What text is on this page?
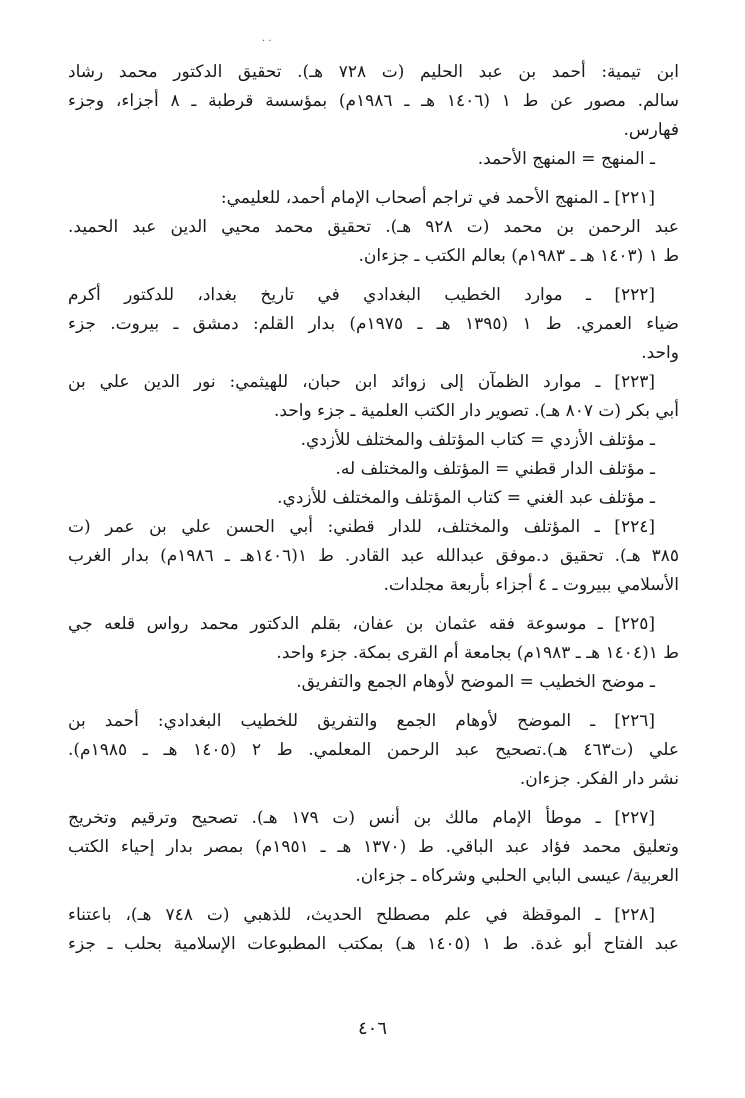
· ·
ابن تيمية: أحمد بن عبد الحليم (ت ٧٢٨ هـ). تحقيق الدكتور محمد رشاد
سالم. مصور عن ط ١ (١٤٠٦ هـ ـ ١٩٨٦م) بمؤسسة قرطبة ـ ٨ أجزاء، وجزء
فهارس.
ـ المنهج = المنهج الأحمد.
[٢٢١] ـ المنهج الأحمد في تراجم أصحاب الإمام أحمد، للعليمي:
عبد الرحمن بن محمد (ت ٩٢٨ هـ). تحقيق محمد محيي الدين عبد الحميد.
ط ١ (١٤٠٣ هـ ـ ١٩٨٣م) بعالم الكتب ـ جزءان.
[٢٢٢] ـ موارد الخطيب البغدادي في تاريخ بغداد، للدكتور أكرم
ضياء العمري. ط ١ (١٣٩٥ هـ ـ ١٩٧٥م) بدار القلم: دمشق ـ بيروت. جزء
واحد.
[٢٢٣] ـ موارد الظمآن إلى زوائد ابن حبان، للهيثمي: نور الدين علي بن
أبي بكر (ت ٨٠٧ هـ). تصوير دار الكتب العلمية ـ جزء واحد.
ـ مؤتلف الأزدي = كتاب المؤتلف والمختلف للأزدي.
ـ مؤتلف الدار قطني = المؤتلف والمختلف له.
ـ مؤتلف عبد الغني = كتاب المؤتلف والمختلف للأزدي.
[٢٢٤] ـ المؤتلف والمختلف، للدار قطني: أبي الحسن علي بن عمر (ت
٣٨٥ هـ). تحقيق د.موفق عبدالله عبد القادر. ط ١(١٤٠٦هـ ـ ١٩٨٦م) بدار الغرب
الأسلامي ببيروت ـ ٤ أجزاء بأربعة مجلدات.
[٢٢٥] ـ موسوعة فقه عثمان بن عفان، بقلم الدكتور محمد رواس قلعه جي
ط ١(١٤٠٤ هـ ـ ١٩٨٣م) بجامعة أم القرى بمكة. جزء واحد.
ـ موضح الخطيب = الموضح لأوهام الجمع والتفريق.
[٢٢٦] ـ الموضح لأوهام الجمع والتفريق للخطيب البغدادي: أحمد بن
علي (ت٤٦٣ هـ).تصحيح عبد الرحمن المعلمي. ط ٢ (١٤٠٥ هـ ـ ١٩٨٥م).
نشر دار الفكر. جزءان.
[٢٢٧] ـ موطأ الإمام مالك بن أنس (ت ١٧٩ هـ). تصحيح وترقيم وتخريج
وتعليق محمد فؤاد عبد الباقي. ط (١٣٧٠ هـ ـ ١٩٥١م) بمصر بدار إحياء الكتب
العربية/ عيسى البابي الحلبي وشركاه ـ جزءان.
[٢٢٨] ـ الموقظة في علم مصطلح الحديث، للذهبي (ت ٧٤٨ هـ)، باعتناء
عبد الفتاح أبو غدة. ط ١ (١٤٠٥ هـ) بمكتب المطبوعات الإسلامية بحلب ـ جزء
٤٠٦
